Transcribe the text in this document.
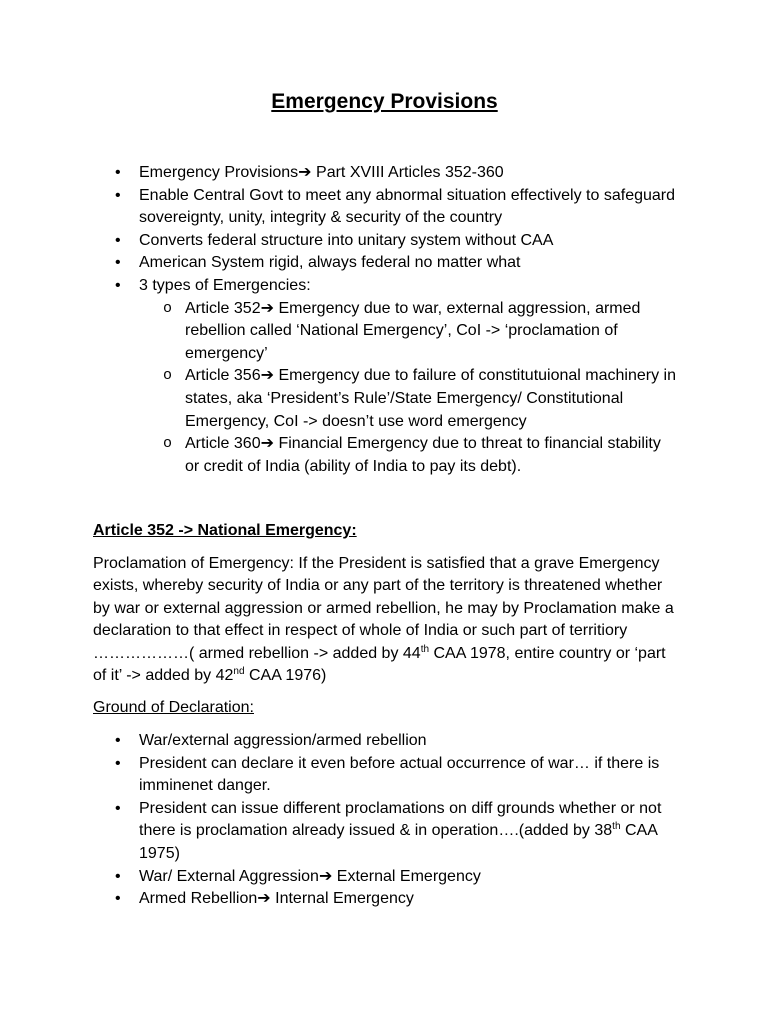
Emergency Provisions
• Emergency Provisions➔ Part XVIII Articles 352-360
• Enable Central Govt to meet any abnormal situation effectively to safeguard sovereignty, unity, integrity & security of the country
• Converts federal structure into unitary system without CAA
• American System rigid, always federal no matter what
• 3 types of Emergencies:
o Article 352➔ Emergency due to war, external aggression, armed rebellion called ‘National Emergency’, CoI -> ‘proclamation of emergency’
o Article 356➔ Emergency due to failure of constitutuional machinery in states, aka ‘President’s Rule’/State Emergency/ Constitutional Emergency, CoI -> doesn’t use word emergency
o Article 360➔ Financial Emergency due to threat to financial stability or credit of India (ability of India to pay its debt).
Article 352 -> National Emergency:

Proclamation of Emergency: If the President is satisfied that a grave Emergency exists, whereby security of India or any part of the territory is threatened whether by war or external aggression or armed rebellion, he may by Proclamation make a declaration to that effect in respect of whole of India or such part of territiory ………………( armed rebellion -> added by 44th CAA 1978, entire country or ‘part of it’ -> added by 42nd CAA 1976)

Ground of Declaration:
• War/external aggression/armed rebellion
• President can declare it even before actual occurrence of war… if there is imminenet danger.
• President can issue different proclamations on diff grounds whether or not there is proclamation already issued & in operation….(added by 38th CAA 1975)
• War/ External Aggression➔ External Emergency
• Armed Rebellion➔ Internal Emergency
